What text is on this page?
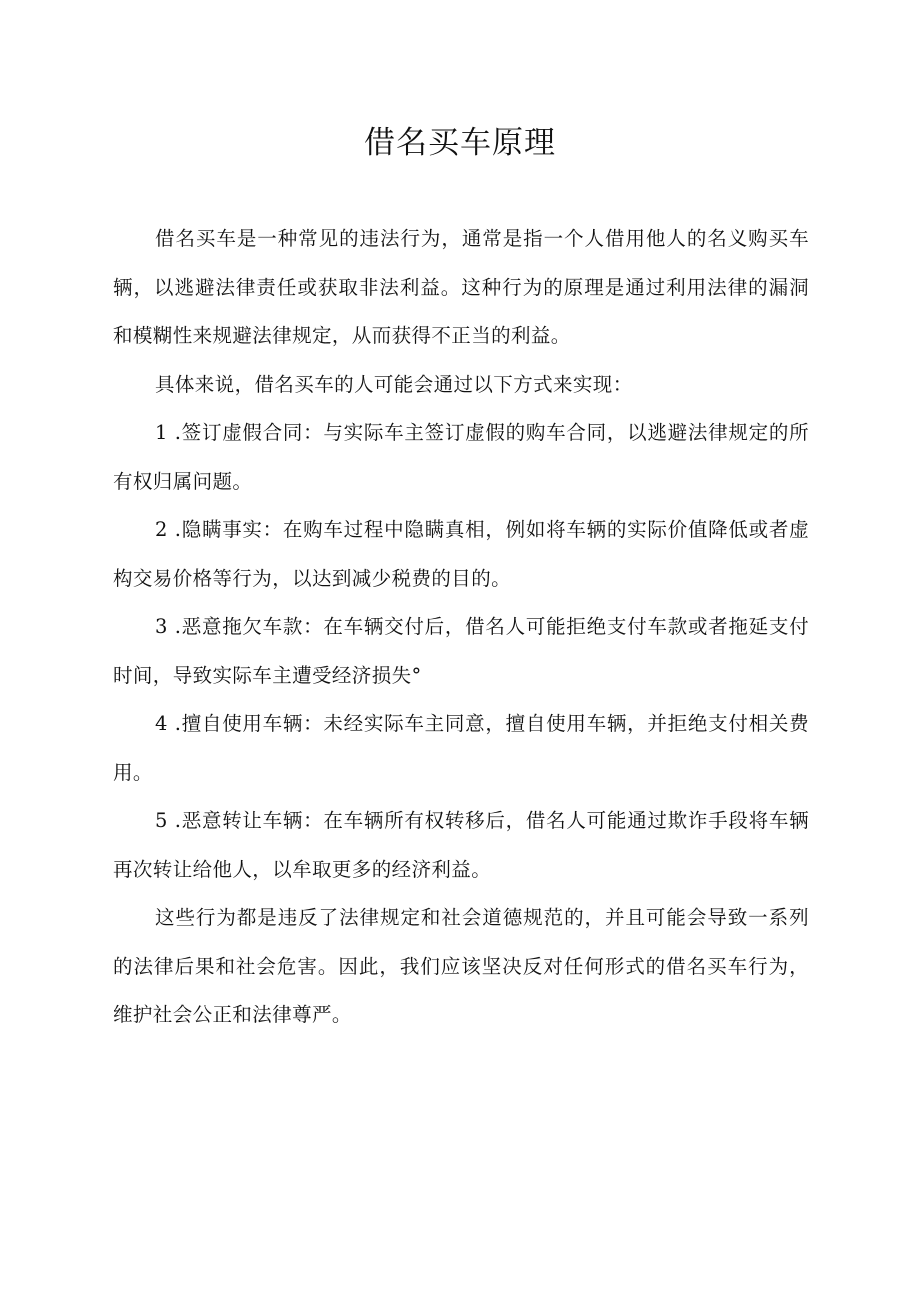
借名买车原理

借名买车是一种常见的违法行为，通常是指一个人借用他人的名义购买车辆，以逃避法律责任或获取非法利益。这种行为的原理是通过利用法律的漏洞和模糊性来规避法律规定，从而获得不正当的利益。

具体来说，借名买车的人可能会通过以下方式来实现：

1 .签订虚假合同：与实际车主签订虚假的购车合同，以逃避法律规定的所有权归属问题。

2 .隐瞒事实：在购车过程中隐瞒真相，例如将车辆的实际价值降低或者虚构交易价格等行为，以达到减少税费的目的。

3 .恶意拖欠车款：在车辆交付后，借名人可能拒绝支付车款或者拖延支付时间，导致实际车主遭受经济损失°

4 .擅自使用车辆：未经实际车主同意，擅自使用车辆，并拒绝支付相关费用。

5 .恶意转让车辆：在车辆所有权转移后，借名人可能通过欺诈手段将车辆再次转让给他人，以牟取更多的经济利益。

这些行为都是违反了法律规定和社会道德规范的，并且可能会导致一系列的法律后果和社会危害。因此，我们应该坚决反对任何形式的借名买车行为，维护社会公正和法律尊严。
